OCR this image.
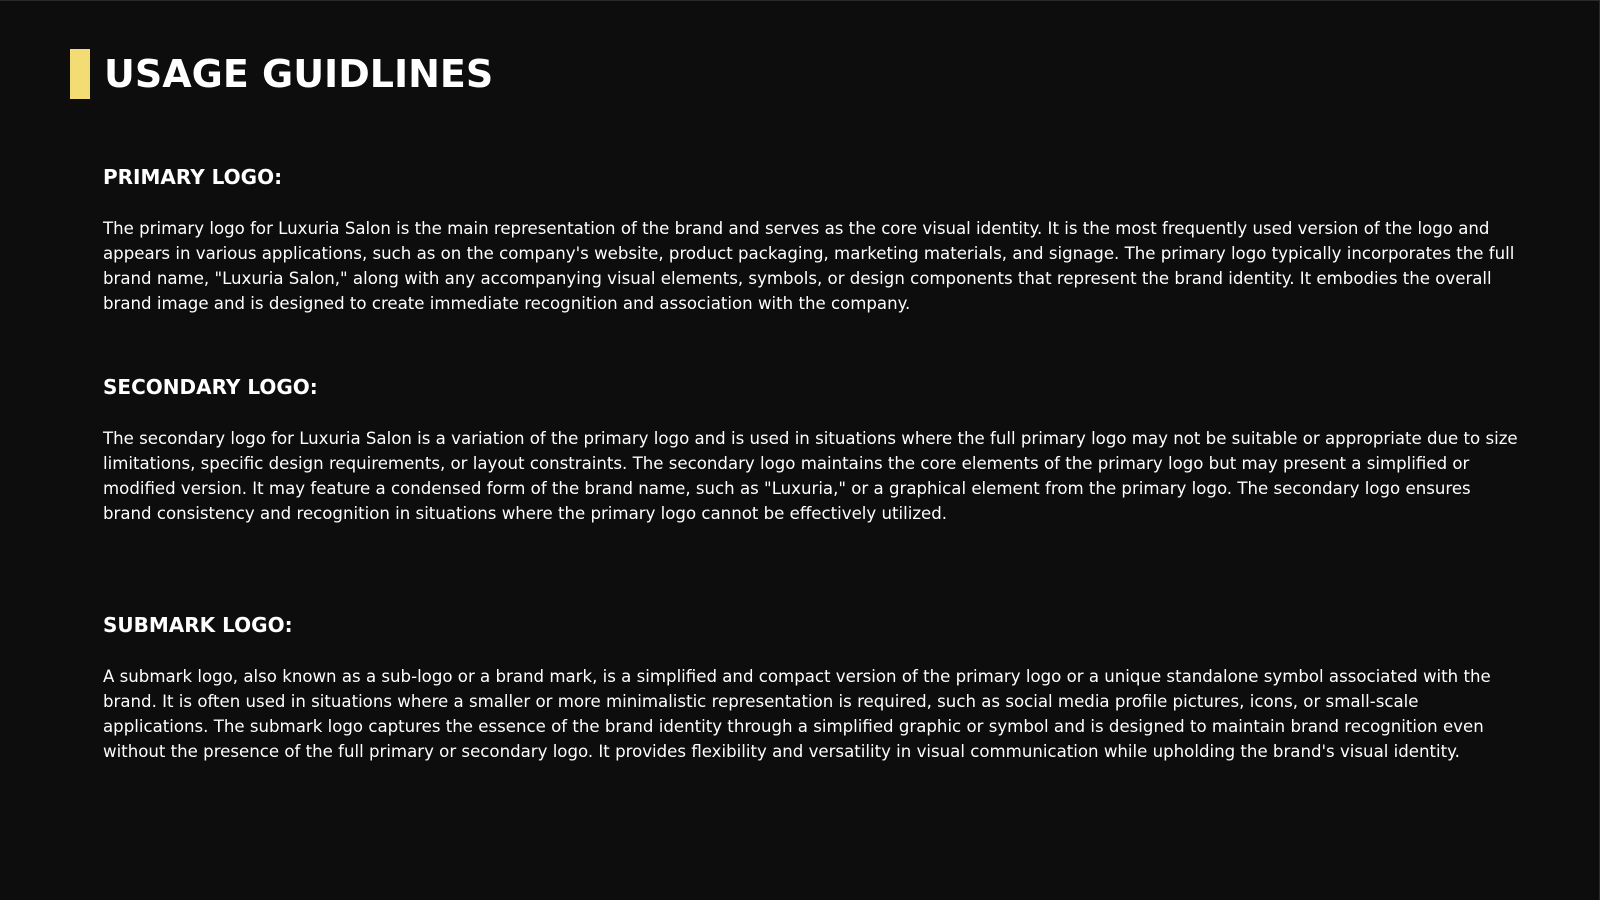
USAGE GUIDLINES
PRIMARY LOGO:

The primary logo for Luxuria Salon is the main representation of the brand and serves as the core visual identity. It is the most frequently used version of the logo and appears in various applications, such as on the company's website, product packaging, marketing materials, and signage. The primary logo typically incorporates the full brand name, "Luxuria Salon," along with any accompanying visual elements, symbols, or design components that represent the brand identity. It embodies the overall brand image and is designed to create immediate recognition and association with the company.

SECONDARY LOGO:

The secondary logo for Luxuria Salon is a variation of the primary logo and is used in situations where the full primary logo may not be suitable or appropriate due to size limitations, specific design requirements, or layout constraints. The secondary logo maintains the core elements of the primary logo but may present a simplified or modified version. It may feature a condensed form of the brand name, such as "Luxuria," or a graphical element from the primary logo. The secondary logo ensures brand consistency and recognition in situations where the primary logo cannot be effectively utilized.

SUBMARK LOGO:

A submark logo, also known as a sub-logo or a brand mark, is a simplified and compact version of the primary logo or a unique standalone symbol associated with the brand. It is often used in situations where a smaller or more minimalistic representation is required, such as social media profile pictures, icons, or small-scale applications. The submark logo captures the essence of the brand identity through a simplified graphic or symbol and is designed to maintain brand recognition even without the presence of the full primary or secondary logo. It provides flexibility and versatility in visual communication while upholding the brand's visual identity.
